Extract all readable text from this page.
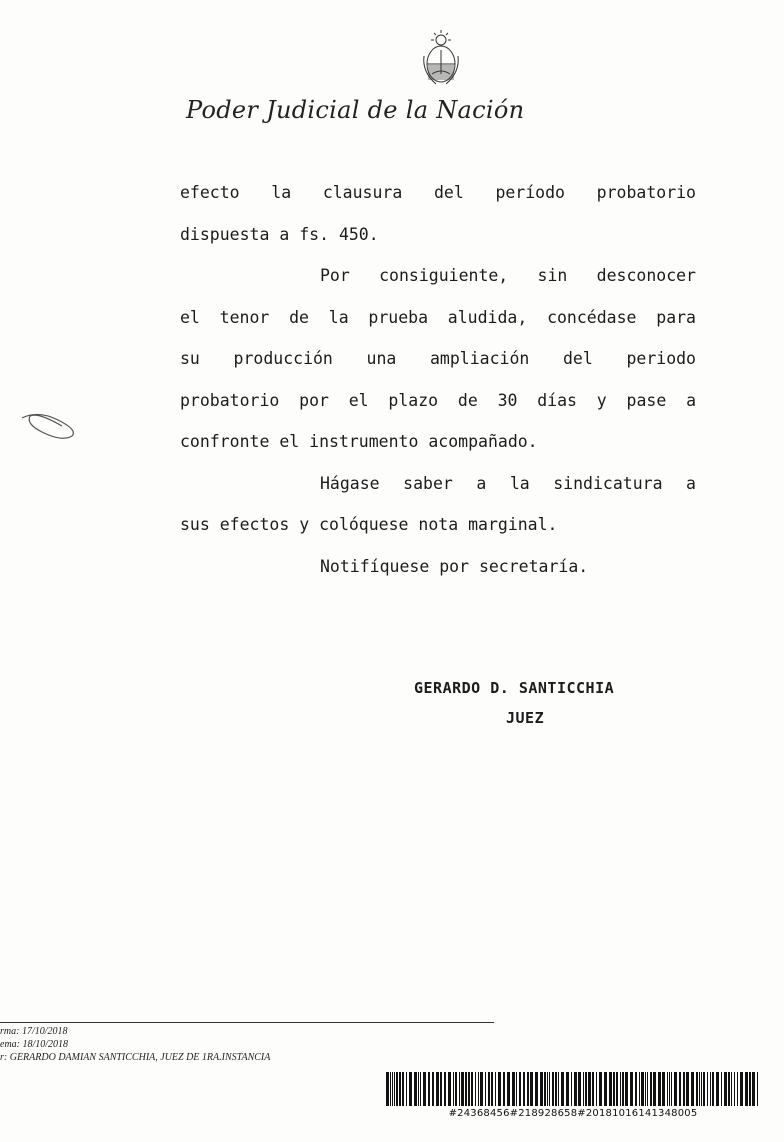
Poder Judicial de la Nación
efecto la clausura del período probatorio
dispuesta a fs. 450.
Por consiguiente, sin desconocer
el tenor de la prueba aludida, concédase para
su producción una ampliación del periodo
probatorio por el plazo de 30 días y pase a
confronte el instrumento acompañado.
Hágase saber a la sindicatura a
sus efectos y colóquese nota marginal.
Notifíquese por secretaría.
GERARDO D. SANTICCHIA
JUEZ
rma: 17/10/2018
ema: 18/10/2018
r: GERARDO DAMIAN SANTICCHIA, JUEZ DE 1RA.INSTANCIA
#24368456#218928658#20181016141348005
